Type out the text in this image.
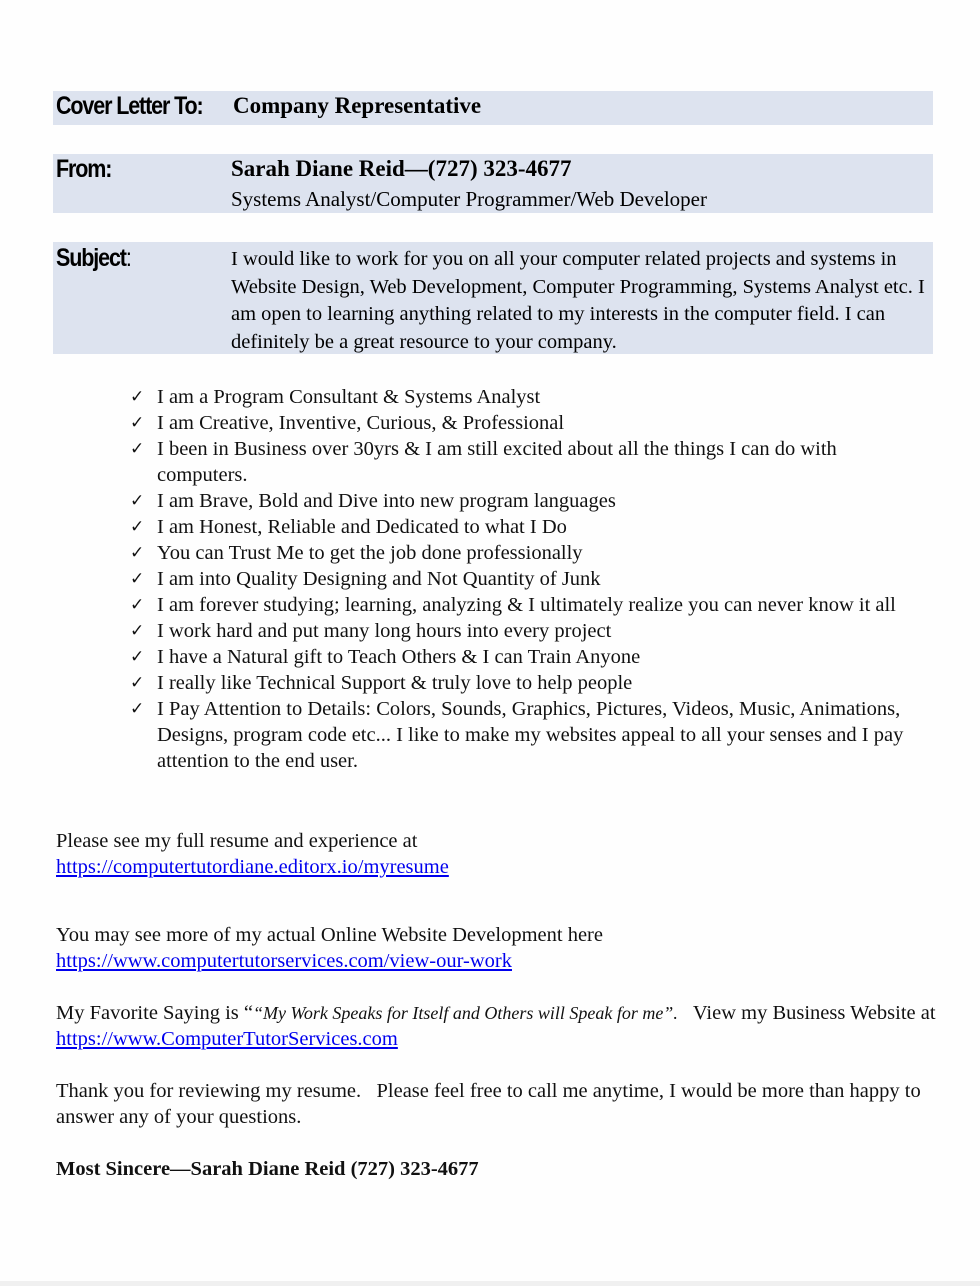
Cover Letter To: Company Representative
From:	Sarah Diane Reid—(727) 323-4677
Systems Analyst/Computer Programmer/Web Developer
Subject:	I would like to work for you on all your computer related projects and systems in Website Design, Web Development, Computer Programming, Systems Analyst etc. I am open to learning anything related to my interests in the computer field. I can definitely be a great resource to your company.
✓ I am a Program Consultant & Systems Analyst
✓ I am Creative, Inventive, Curious, & Professional
✓ I been in Business over 30yrs & I am still excited about all the things I can do with computers.
✓ I am Brave, Bold and Dive into new program languages
✓ I am Honest, Reliable and Dedicated to what I Do
✓ You can Trust Me to get the job done professionally
✓ I am into Quality Designing and Not Quantity of Junk
✓ I am forever studying; learning, analyzing & I ultimately realize you can never know it all
✓ I work hard and put many long hours into every project
✓ I have a Natural gift to Teach Others & I can Train Anyone
✓ I really like Technical Support & truly love to help people
✓ I Pay Attention to Details: Colors, Sounds, Graphics, Pictures, Videos, Music, Animations, Designs, program code etc... I like to make my websites appeal to all your senses and I pay attention to the end user.
Please see my full resume and experience at
https://computertutordiane.editorx.io/myresume
You may see more of my actual Online Website Development here
https://www.computertutorservices.com/view-our-work
My Favorite Saying is ““My Work Speaks for Itself and Others will Speak for me”.   View my Business Website at https://www.ComputerTutorServices.com
Thank you for reviewing my resume.   Please feel free to call me anytime, I would be more than happy to answer any of your questions.
Most Sincere—Sarah Diane Reid (727) 323-4677
